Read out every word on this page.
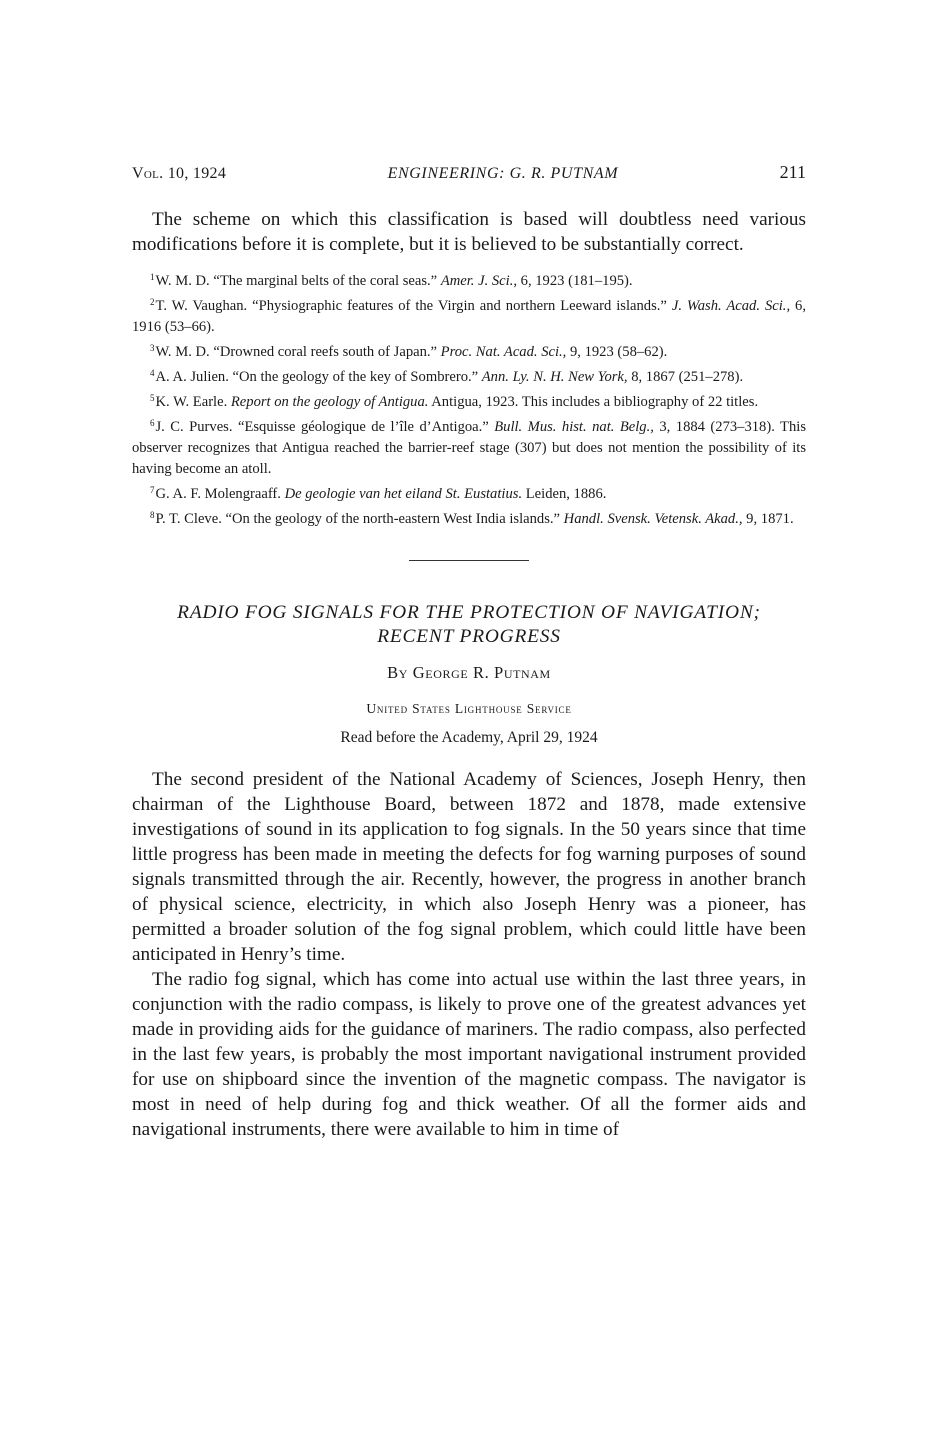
Vol. 10, 1924	ENGINEERING: G. R. PUTNAM	211

The scheme on which this classification is based will doubtless need various modifications before it is complete, but it is believed to be substantially correct.

$^1$W. M. D. “The marginal belts of the coral seas.” Amer. J. Sci., 6, 1923 (181–195).

$^2$T. W. Vaughan. “Physiographic features of the Virgin and northern Leeward islands.” J. Wash. Acad. Sci., 6, 1916 (53–66).

$^3$W. M. D. “Drowned coral reefs south of Japan.” Proc. Nat. Acad. Sci., 9, 1923 (58–62).

$^4$A. A. Julien. “On the geology of the key of Sombrero.” Ann. Ly. N. H. New York, 8, 1867 (251–278).

$^5$K. W. Earle. Report on the geology of Antigua. Antigua, 1923. This includes a bibliography of 22 titles.

$^6$J. C. Purves. “Esquisse géologique de l’île d’Antigoa.” Bull. Mus. hist. nat. Belg., 3, 1884 (273–318). This observer recognizes that Antigua reached the barrier-reef stage (307) but does not mention the possibility of its having become an atoll.

$^7$G. A. F. Molengraaff. De geologie van het eiland St. Eustatius. Leiden, 1886.

$^8$P. T. Cleve. “On the geology of the north-eastern West India islands.” Handl. Svensk. Vetensk. Akad., 9, 1871.

RADIO FOG SIGNALS FOR THE PROTECTION OF NAVIGATION;
RECENT PROGRESS
By George R. Putnam
United States Lighthouse Service
Read before the Academy, April 29, 1924

The second president of the National Academy of Sciences, Joseph Henry, then chairman of the Lighthouse Board, between 1872 and 1878, made extensive investigations of sound in its application to fog signals. In the 50 years since that time little progress has been made in meeting the defects for fog warning purposes of sound signals transmitted through the air. Recently, however, the progress in another branch of physical science, electricity, in which also Joseph Henry was a pioneer, has permitted a broader solution of the fog signal problem, which could little have been anticipated in Henry’s time.

The radio fog signal, which has come into actual use within the last three years, in conjunction with the radio compass, is likely to prove one of the greatest advances yet made in providing aids for the guidance of mariners. The radio compass, also perfected in the last few years, is probably the most important navigational instrument provided for use on shipboard since the invention of the magnetic compass. The navigator is most in need of help during fog and thick weather. Of all the former aids and navigational instruments, there were available to him in time of
